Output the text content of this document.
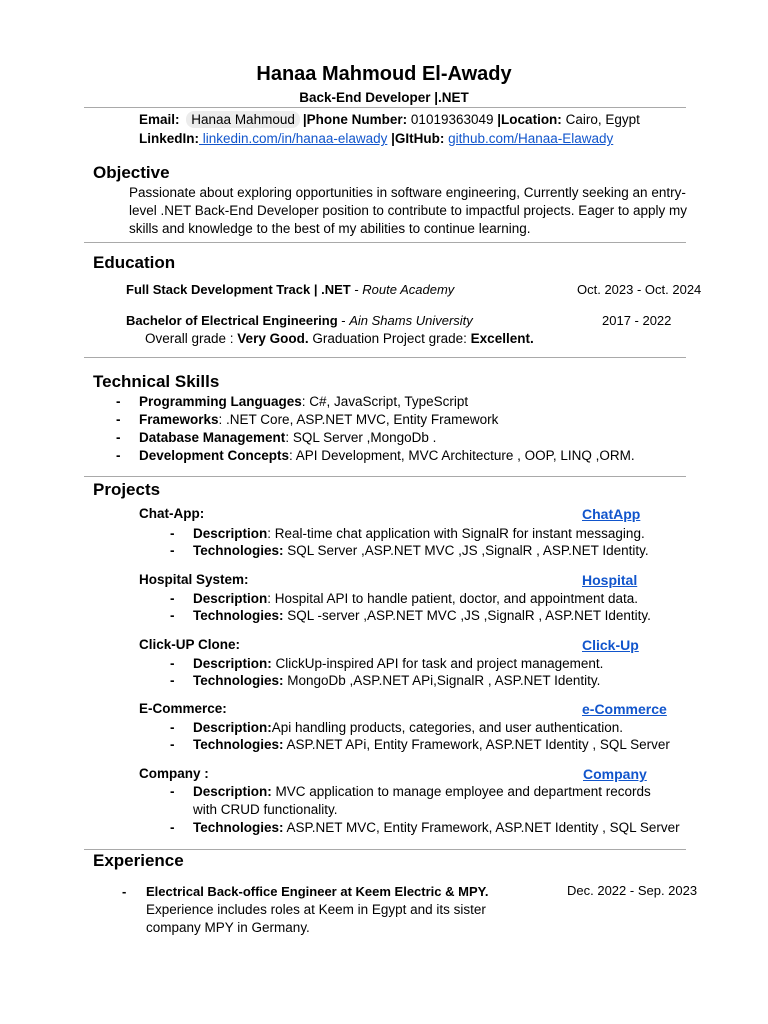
Hanaa Mahmoud El-Awady
Back-End Developer |.NET
Email: Hanaa Mahmoud |Phone Number: 01019363049 |Location: Cairo, Egypt
LinkedIn: linkedin.com/in/hanaa-elawady |GItHub: github.com/Hanaa-Elawady
Objective
Passionate about exploring opportunities in software engineering, Currently seeking an entry-level .NET Back-End Developer position to contribute to impactful projects. Eager to apply my skills and knowledge to the best of my abilities to continue learning.
Education
Full Stack Development Track | .NET - Route Academy	Oct. 2023 - Oct. 2024
Bachelor of Electrical Engineering - Ain Shams University	2017 - 2022
Overall grade : Very Good. Graduation Project grade: Excellent.
Technical Skills
- Programming Languages: C#, JavaScript, TypeScript
- Frameworks: .NET Core, ASP.NET MVC, Entity Framework
- Database Management: SQL Server ,MongoDb .
- Development Concepts: API Development, MVC Architecture , OOP, LINQ ,ORM.
Projects
Chat-App:	ChatApp
- Description: Real-time chat application with SignalR for instant messaging.
- Technologies: SQL Server ,ASP.NET MVC ,JS ,SignalR , ASP.NET Identity.
Hospital System:	Hospital
- Description: Hospital API to handle patient, doctor, and appointment data.
- Technologies: SQL -server ,ASP.NET MVC ,JS ,SignalR , ASP.NET Identity.
Click-UP Clone:	Click-Up
- Description: ClickUp-inspired API for task and project management.
- Technologies: MongoDb ,ASP.NET APi,SignalR , ASP.NET Identity.
E-Commerce:	e-Commerce
- Description:Api handling products, categories, and user authentication.
- Technologies: ASP.NET APi, Entity Framework, ASP.NET Identity , SQL Server
Company :	Company
- Description: MVC application to manage employee and department records
with CRUD functionality.
- Technologies: ASP.NET MVC, Entity Framework, ASP.NET Identity , SQL Server
Experience
- Electrical Back-office Engineer at Keem Electric & MPY.	Dec. 2022 - Sep. 2023
Experience includes roles at Keem in Egypt and its sister
company MPY in Germany.
